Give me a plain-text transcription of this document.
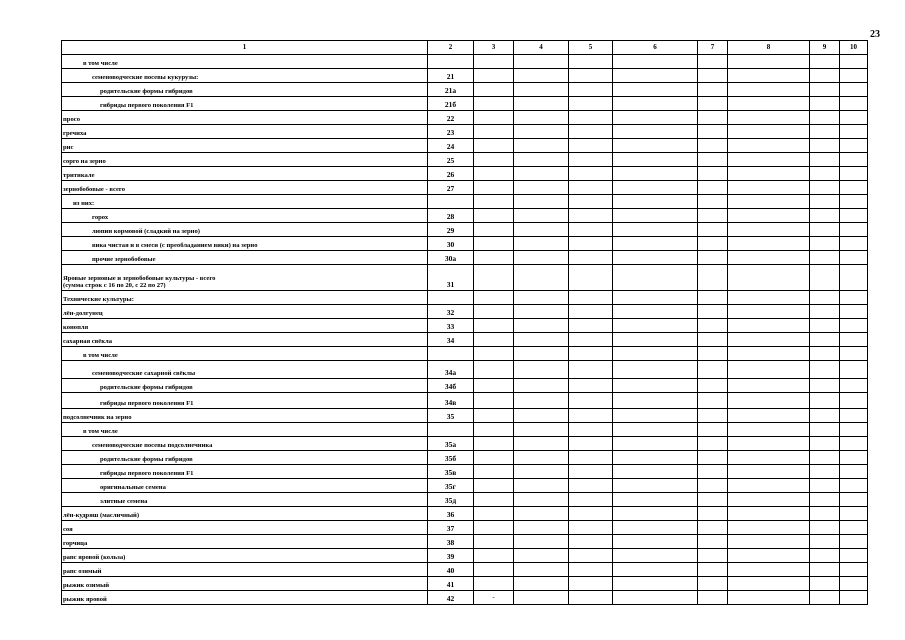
23
1	2	3	4	5	6	7	8	9	10
в том числе									
семеноводческие посевы кукурузы:	21								
родительские формы гибридов	21а								
гибриды первого поколения F1	21б								
просо	22								
гречиха	23								
рис	24								
сорго на зерно	25								
тритикале	26								
зернобобовые - всего	27								
из них:									
горох	28								
люпин кормовой (сладкий на зерно)	29								
вика чистая и в смеси (с преобладанием вики) на зерно	30								
прочие зернобобовые	30а								
Яровые зерновые и зернобобовые культуры - всего
(сумма строк с 16 по 20, с 22 по 27)	31								
Технические культуры:									
лён-долгунец	32								
конопля	33								
сахарная свёкла	34								
в том числе									
семеноводческие сахарной свёклы	34а								
родительские формы гибридов	34б								
гибриды первого поколения F1	34в								
подсолнечник на зерно	35								
в том числе									
семеноводческие посевы подсолнечника	35а								
родительские формы гибридов	35б								
гибриды первого поколения F1	35в								
оригинальные семена	35г								
элитные семена	35д								
лён-кудряш (масличный)	36								
соя	37								
горчица	38								
рапс яровой (кольза)	39								
рапс озимый	40								
рыжик озимый	41								
рыжик яровой	42	-							
